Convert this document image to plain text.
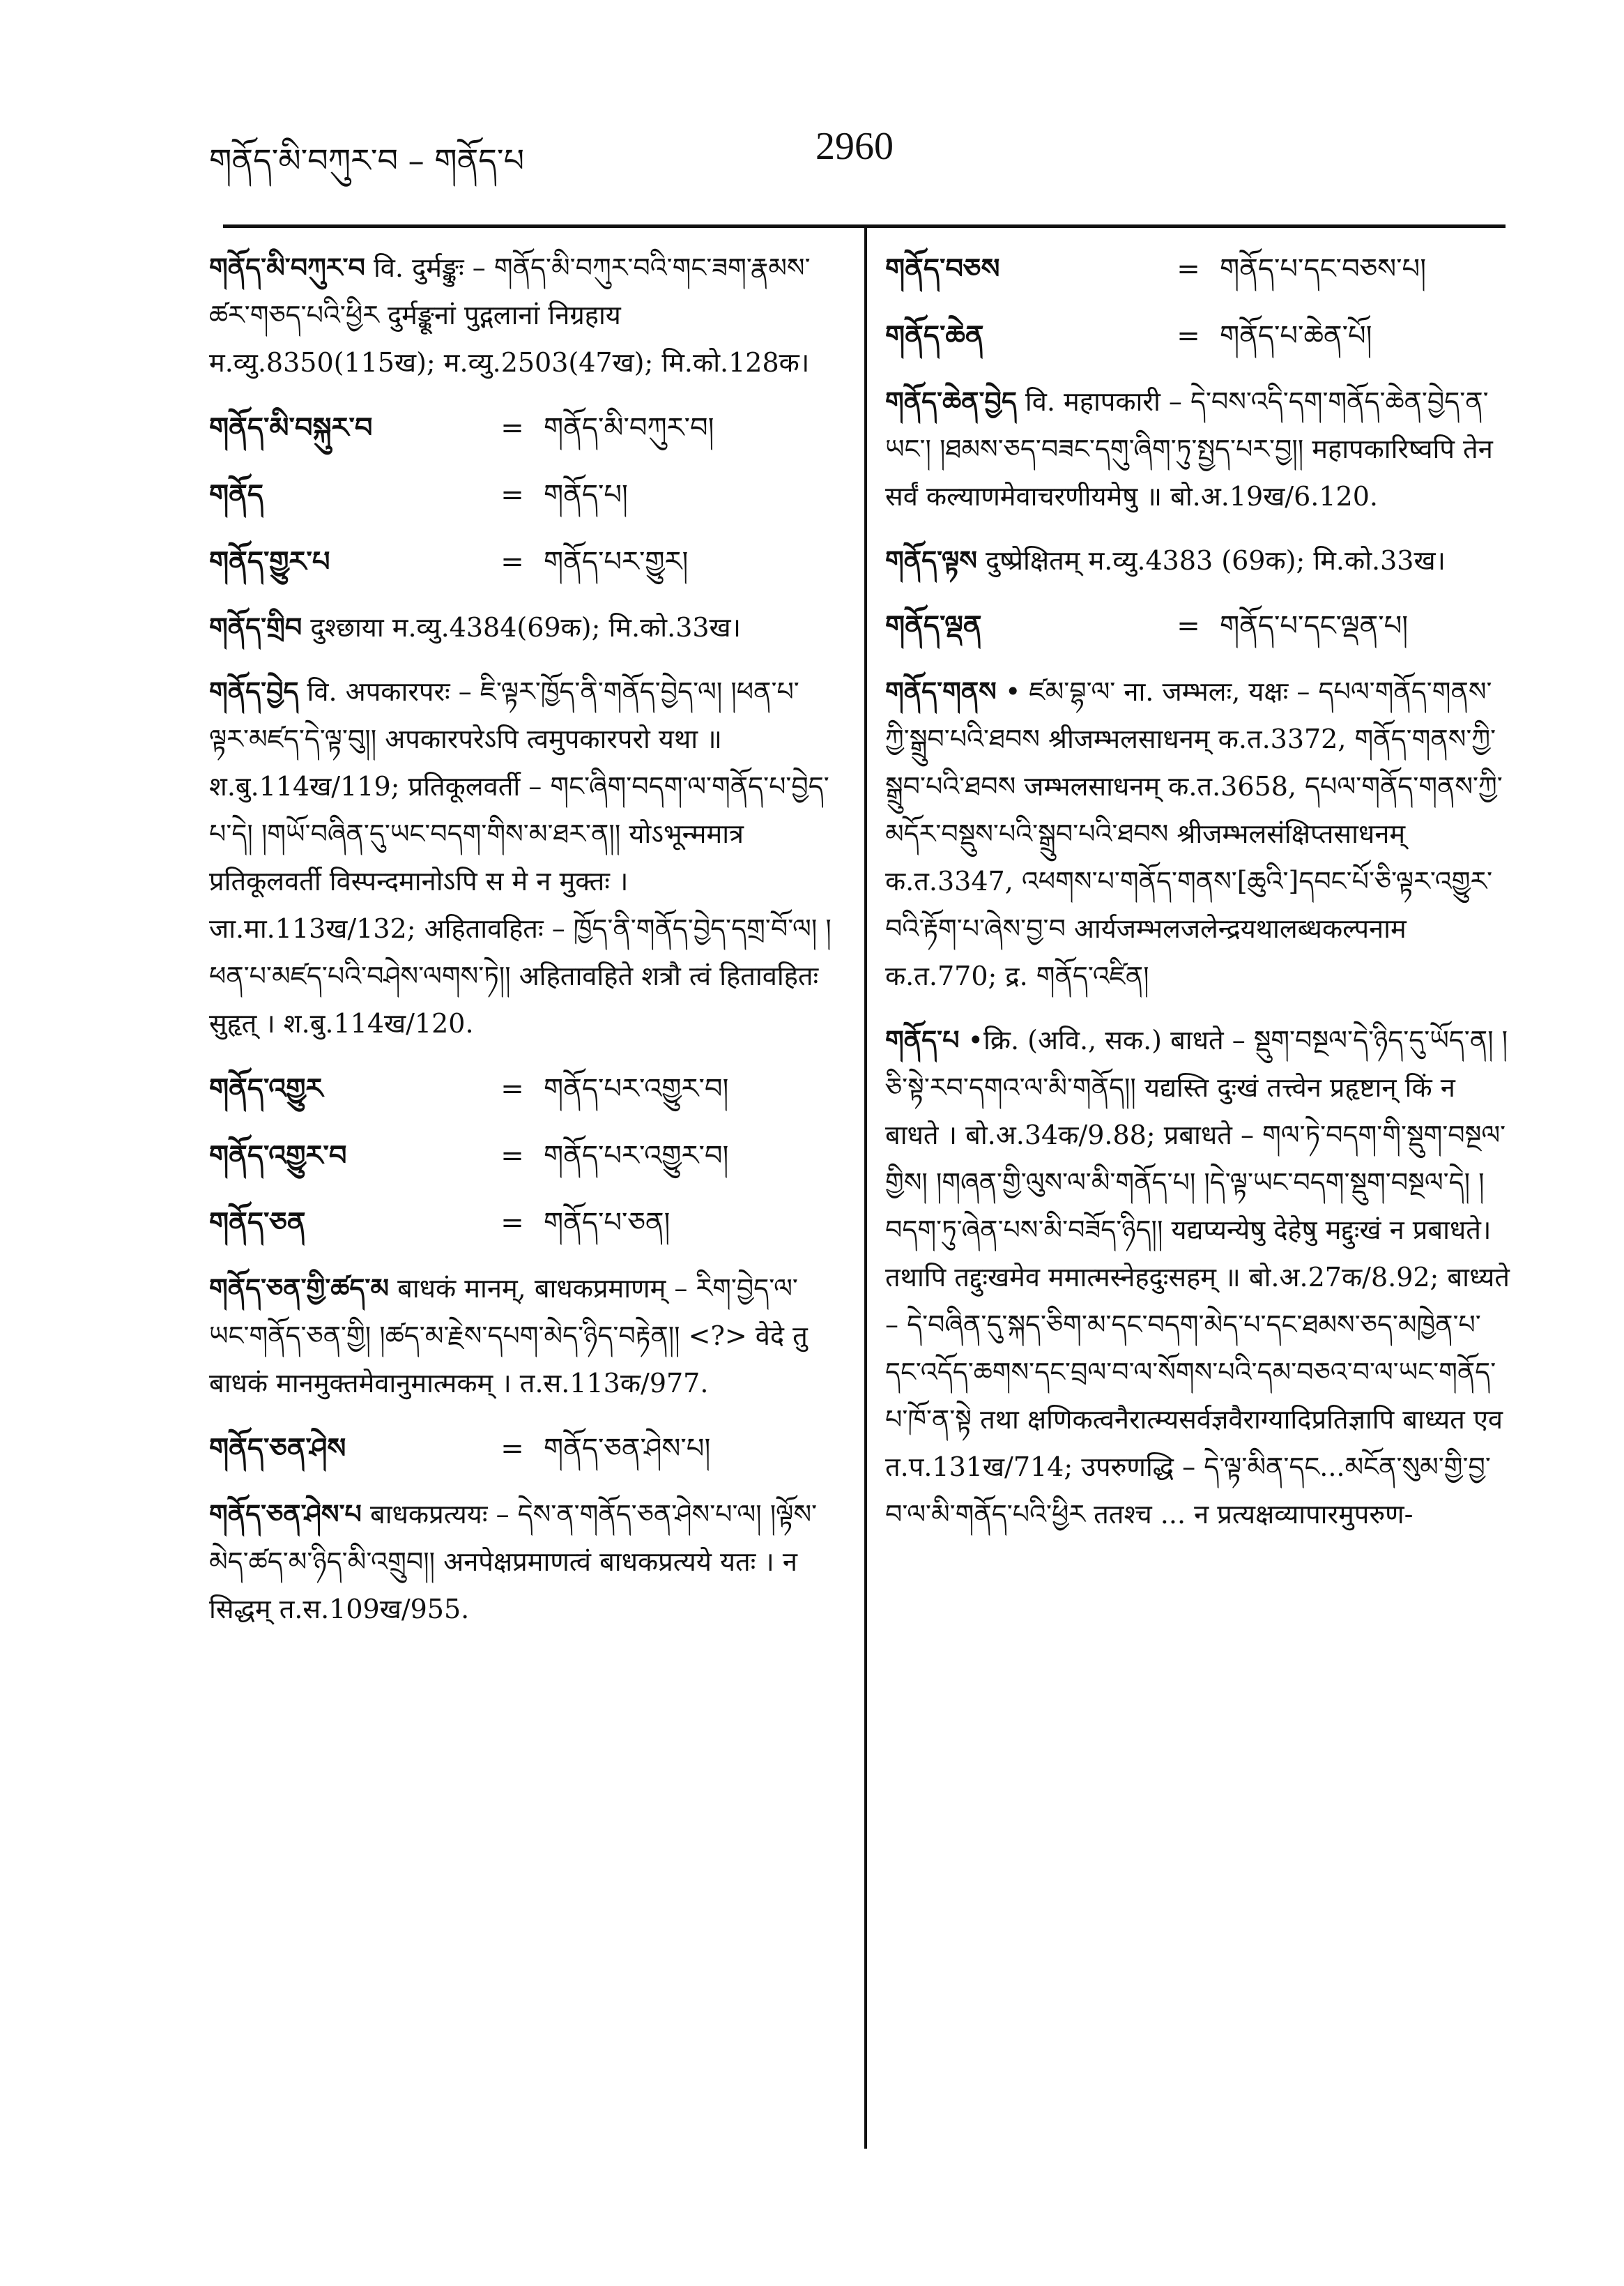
གནོད་མི་བཀུར་བ – གནོད་པ	2960
གནོད་མི་བཀུར་བ वि. दुर्मङ्कुः – གནོད་མི་བཀུར་བའི་གང་ཟག་རྣམས་ཚར་གཅད་པའི་ཕྱིར दुर्मङ्कूनां पुद्गलानां निग्रहाय म.व्यु.8350(115ख); म.व्यु.2503(47ख); मि.को.128क।
གནོད་མི་བསྐུར་བ	= གནོད་མི་བཀུར་བ།
གནོད	= གནོད་པ།
གནོད་གྱུར་པ	= གནོད་པར་གྱུར།
གནོད་གྲིབ दुश्छाया म.व्यु.4384(69क); मि.को.33ख।
གནོད་བྱེད वि. अपकारपरः – ཇི་ལྟར་ཁྱོད་ནི་གནོད་བྱེད་ལ། །ཕན་པ་ལྟར་མཛད་དེ་ལྟ་བུ།། अपकारपरेऽपि त्वमुपकारपरो यथा ॥ श.बु.114ख/119; प्रतिकूलवर्ती – གང་ཞིག་བདག་ལ་གནོད་པ་བྱེད་པ་དེ། །གཡོ་བཞིན་དུ་ཡང་བདག་གིས་མ་ཐར་ན།། योऽभून्ममात्र प्रतिकूलवर्ती विस्पन्दमानोऽपि स मे न मुक्तः । जा.मा.113ख/132; अहितावहितः – ཁྱོད་ནི་གནོད་བྱེད་དགྲ་བོ་ལ། །ཕན་པ་མཛད་པའི་བཤེས་ལགས་ཏེ།། अहितावहिते शत्रौ त्वं हितावहितः सुहृत् । श.बु.114ख/120.
གནོད་འགྱུར	= གནོད་པར་འགྱུར་བ།
གནོད་འགྱུར་བ	= གནོད་པར་འགྱུར་བ།
གནོད་ཅན	= གནོད་པ་ཅན།
གནོད་ཅན་གྱི་ཚད་མ बाधकं मानम्, बाधकप्रमाणम् – རིག་བྱེད་ལ་ཡང་གནོད་ཅན་གྱི། །ཚད་མ་རྗེས་དཔག་མེད་ཉིད་བརྟེན།། <?> वेदे तु बाधकं मानमुक्तमेवानुमात्मकम् । त.स.113क/977.
གནོད་ཅན་ཤེས	= གནོད་ཅན་ཤེས་པ།
གནོད་ཅན་ཤེས་པ बाधकप्रत्ययः – དེས་ན་གནོད་ཅན་ཤེས་པ་ལ། །ལྟོས་མེད་ཚད་མ་ཉིད་མི་འགྲུབ།། अनपेक्षप्रमाणत्वं बाधकप्रत्यये यतः । न सिद्धम् त.स.109ख/955.
གནོད་བཅས	= གནོད་པ་དང་བཅས་པ།
གནོད་ཆེན	= གནོད་པ་ཆེན་པོ།
གནོད་ཆེན་བྱེད वि. महापकारी – དེ་བས་འདི་དག་གནོད་ཆེན་བྱེད་ན་ཡང་། །ཐམས་ཅད་བཟང་དགུ་ཞིག་ཏུ་སྤྱད་པར་བྱ།། महापकारिष्वपि तेन सर्वं कल्याणमेवाचरणीयमेषु ॥ बो.अ.19ख/6.120.
གནོད་ལྟས दुष्प्रेक्षितम् म.व्यु.4383 (69क); मि.को.33ख।
གནོད་ལྡན	= གནོད་པ་དང་ལྡན་པ།
གནོད་གནས • ཛམ་བྷ་ལ་ ना. जम्भलः, यक्षः – དཔལ་གནོད་གནས་ཀྱི་སྒྲུབ་པའི་ཐབས श्रीजम्भलसाधनम् क.त.3372, གནོད་གནས་ཀྱི་སྒྲུབ་པའི་ཐབས जम्भलसाधनम् क.त.3658, དཔལ་གནོད་གནས་ཀྱི་མདོར་བསྡུས་པའི་སྒྲུབ་པའི་ཐབས श्रीजम्भलसंक्षिप्तसाधनम् क.त.3347, འཕགས་པ་གནོད་གནས་[ཆུའི་]དབང་པོ་ཅི་ལྟར་འགྱུར་བའི་རྟོག་པ་ཞེས་བྱ་བ आर्यजम्भलजलेन्द्रयथालब्धकल्पनाम क.त.770; द्र. གནོད་འཛིན།
གནོད་པ •क्रि. (अवि., सक.) बाधते – སྡུག་བསྔལ་དེ་ཉིད་དུ་ཡོད་ན། །ཅི་སྟེ་རབ་དགའ་ལ་མི་གནོད།། यद्यस्ति दुःखं तत्त्वेन प्रहृष्टान् किं न बाधते । बो.अ.34क/9.88; प्रबाधते – གལ་ཏེ་བདག་གི་སྡུག་བསྔལ་གྱིས། །གཞན་གྱི་ལུས་ལ་མི་གནོད་པ། །དེ་ལྟ་ཡང་བདག་སྡུག་བསྔལ་དེ། །བདག་ཏུ་ཞེན་པས་མི་བཟོད་ཉིད།། यद्यप्यन्येषु देहेषु मद्दुःखं न प्रबाधते। तथापि तद्दुःखमेव ममात्मस्नेहदुःसहम् ॥ बो.अ.27क/8.92; बाध्यते – དེ་བཞིན་དུ་སྐད་ཅིག་མ་དང་བདག་མེད་པ་དང་ཐམས་ཅད་མཁྱེན་པ་དང་འདོད་ཆགས་དང་བྲལ་བ་ལ་སོགས་པའི་དམ་བཅའ་བ་ལ་ཡང་གནོད་པ་ཁོ་ན་སྟེ तथा क्षणिकत्वनैरात्म्यसर्वज्ञवैराग्यादिप्रतिज्ञापि बाध्यत एव त.प.131ख/714; उपरुणद्धि – དེ་ལྟ་མིན་དང...མངོན་སུམ་གྱི་བྱ་བ་ལ་མི་གནོད་པའི་ཕྱིར ततश्च ... न प्रत्यक्षव्यापारमुपरुण-
